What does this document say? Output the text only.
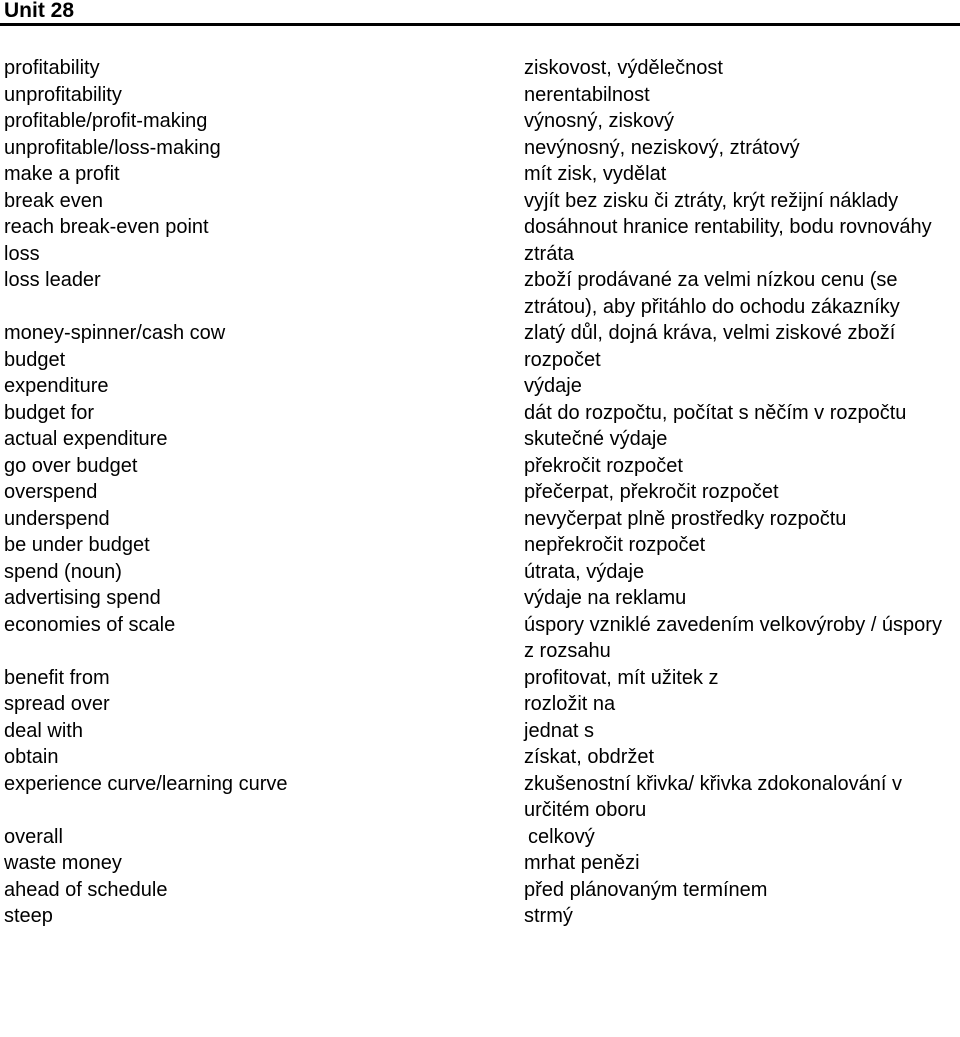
Unit 28
profitability	ziskovost, výdělečnost
unprofitability	nerentabilnost
profitable/profit-making	výnosný, ziskový
unprofitable/loss-making	nevýnosný, neziskový, ztrátový
make a profit	mít zisk, vydělat
break even	vyjít bez zisku či ztráty, krýt režijní náklady
reach break-even point	dosáhnout hranice rentability, bodu rovnováhy
loss	ztráta
loss leader	zboží prodávané za velmi nízkou cenu (se ztrátou), aby přitáhlo do ochodu zákazníky
money-spinner/cash cow	zlatý důl, dojná kráva, velmi ziskové zboží
budget	rozpočet
expenditure	výdaje
budget for	dát do rozpočtu, počítat s něčím v rozpočtu
actual expenditure	skutečné výdaje
go over budget	překročit rozpočet
overspend	přečerpat, překročit rozpočet
underspend	nevyčerpat plně prostředky rozpočtu
be under budget	nepřekročit rozpočet
spend (noun)	útrata, výdaje
advertising spend	výdaje na reklamu
economies of scale	úspory vzniklé zavedením velkovýroby / úspory z rozsahu
benefit from	profitovat, mít užitek z
spread over	rozložit na
deal with	jednat s
obtain	získat, obdržet
experience curve/learning curve	zkušenostní křivka/ křivka zdokonalování v určitém oboru
overall	celkový
waste money	mrhat penězi
ahead of schedule	před plánovaným termínem
steep	strmý
